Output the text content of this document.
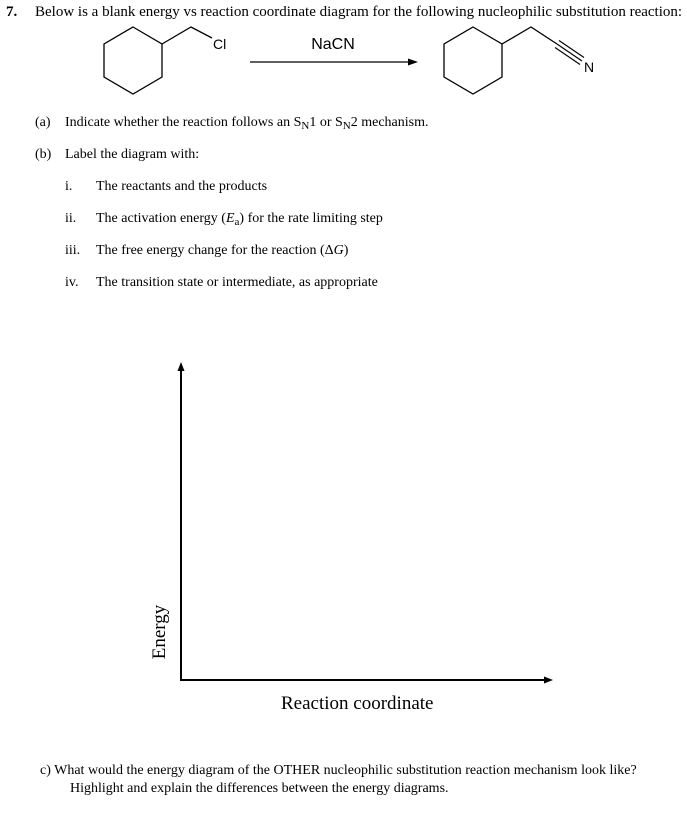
7. Below is a blank energy vs reaction coordinate diagram for the following nucleophilic substitution reaction:
Cl	NaCN
N
(a) Indicate whether the reaction follows an $S_N1$ or $S_N2$ mechanism.
(b) Label the diagram with:
i. The reactants and the products
ii. The activation energy $(E_a)$ for the rate limiting step
iii. The free energy change for the reaction (ΔG)
iv. The transition state or intermediate, as appropriate
Energy
Reaction coordinate
c) What would the energy diagram of the OTHER nucleophilic substitution reaction mechanism look like?
Highlight and explain the differences between the energy diagrams.
